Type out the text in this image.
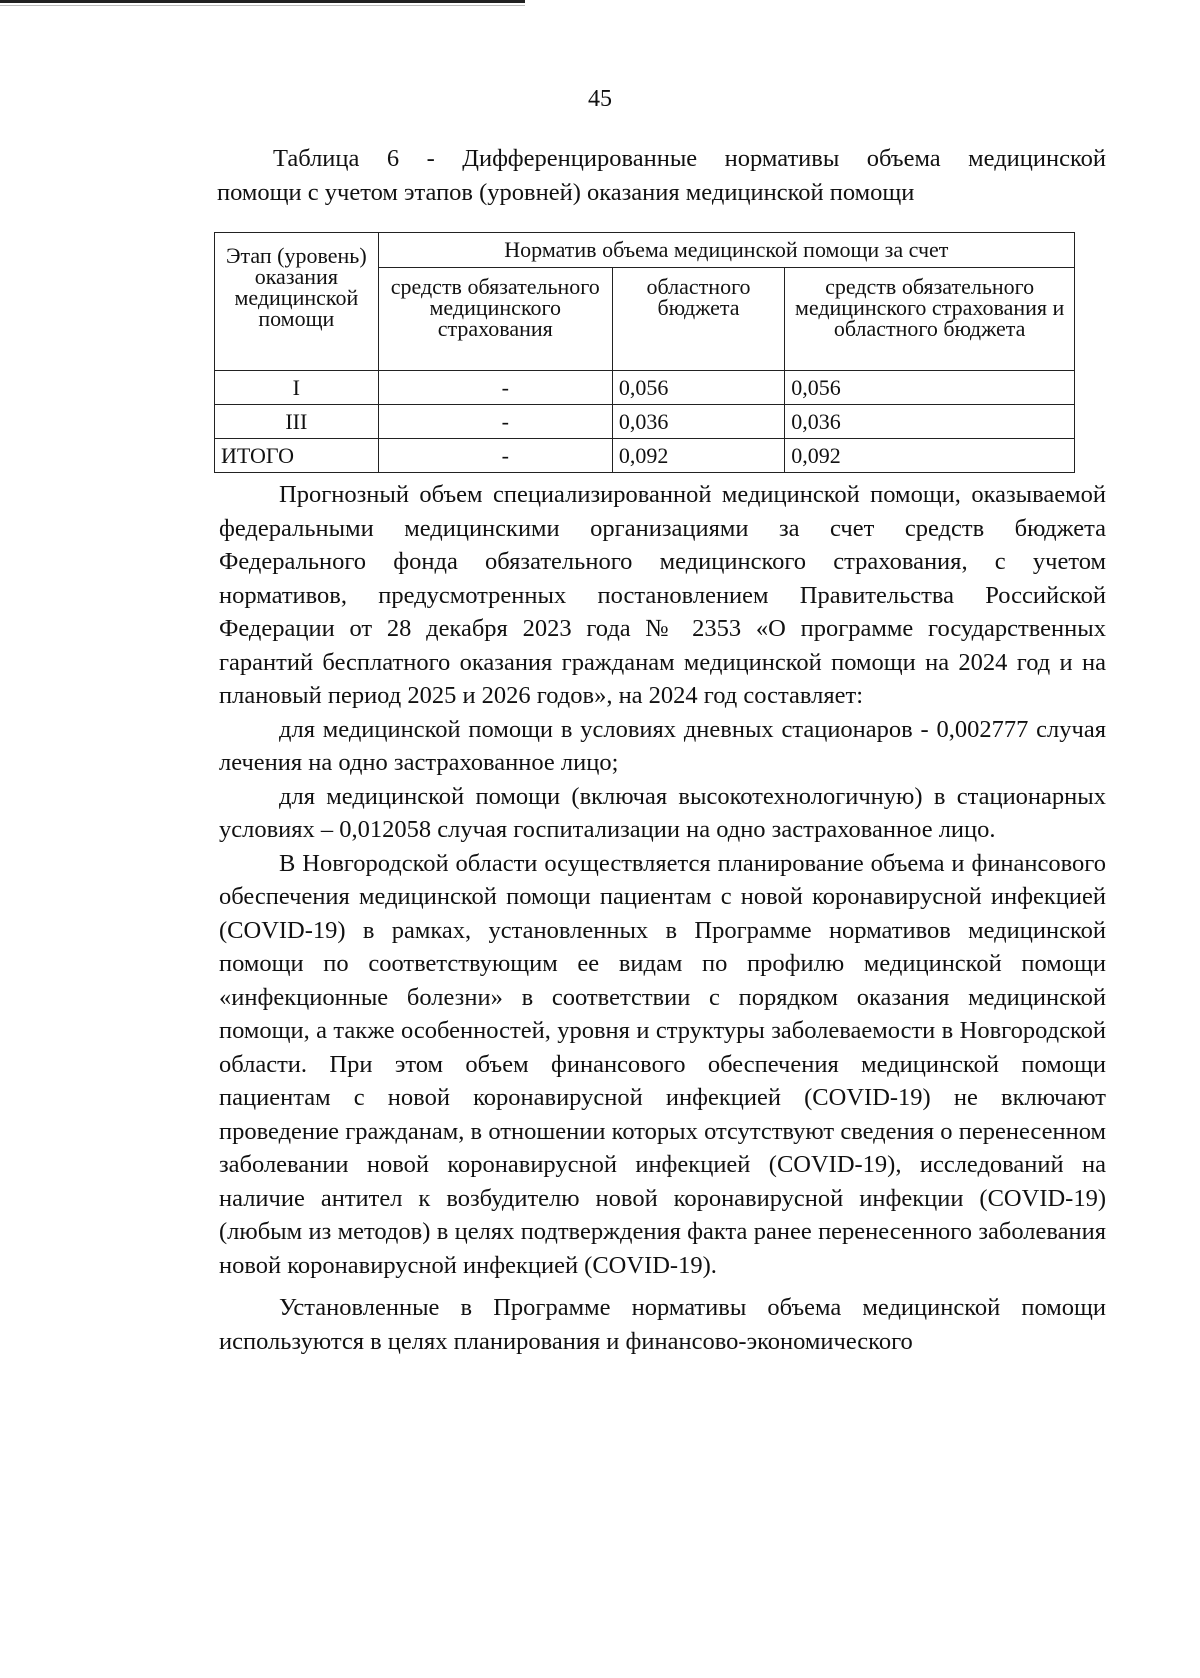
45
Таблица 6 - Дифференцированные нормативы объема медицинской
помощи с учетом этапов (уровней) оказания медицинской помощи
Этап (уровень) оказания медицинской помощи	Норматив объема медицинской помощи за счет		
	средств обязательного медицинского страхования	областного бюджета	средств обязательного медицинского страхования и областного бюджета
I	-	0,056	0,056
III	-	0,036	0,036
ИТОГО	-	0,092	0,092

Прогнозный объем специализированной медицинской помощи, оказываемой федеральными медицинскими организациями за счет средств бюджета Федерального фонда обязательного медицинского страхования, с учетом нормативов, предусмотренных постановлением Правительства Российской Федерации от 28 декабря 2023 года № 2353 «О программе государственных гарантий бесплатного оказания гражданам медицинской помощи на 2024 год и на плановый период 2025 и 2026 годов», на 2024 год составляет:

для медицинской помощи в условиях дневных стационаров - 0,002777 случая лечения на одно застрахованное лицо;

для медицинской помощи (включая высокотехнологичную) в стационарных условиях – 0,012058 случая госпитализации на одно застрахованное лицо.

В Новгородской области осуществляется планирование объема и финансового обеспечения медицинской помощи пациентам с новой коронавирусной инфекцией (COVID-19) в рамках, установленных в Программе нормативов медицинской помощи по соответствующим ее видам по профилю медицинской помощи «инфекционные болезни» в соответствии с порядком оказания медицинской помощи, а также особенностей, уровня и структуры заболеваемости в Новгородской области. При этом объем финансового обеспечения медицинской помощи пациентам с новой коронавирусной инфекцией (COVID-19) не включают проведение гражданам, в отношении которых отсутствуют сведения о перенесенном заболевании новой коронавирусной инфекцией (COVID-19), исследований на наличие антител к возбудителю новой коронавирусной инфекции (COVID-19) (любым из методов) в целях подтверждения факта ранее перенесенного заболевания новой коронавирусной инфекцией (COVID-19).

Установленные в Программе нормативы объема медицинской помощи используются в целях планирования и финансово-экономического
